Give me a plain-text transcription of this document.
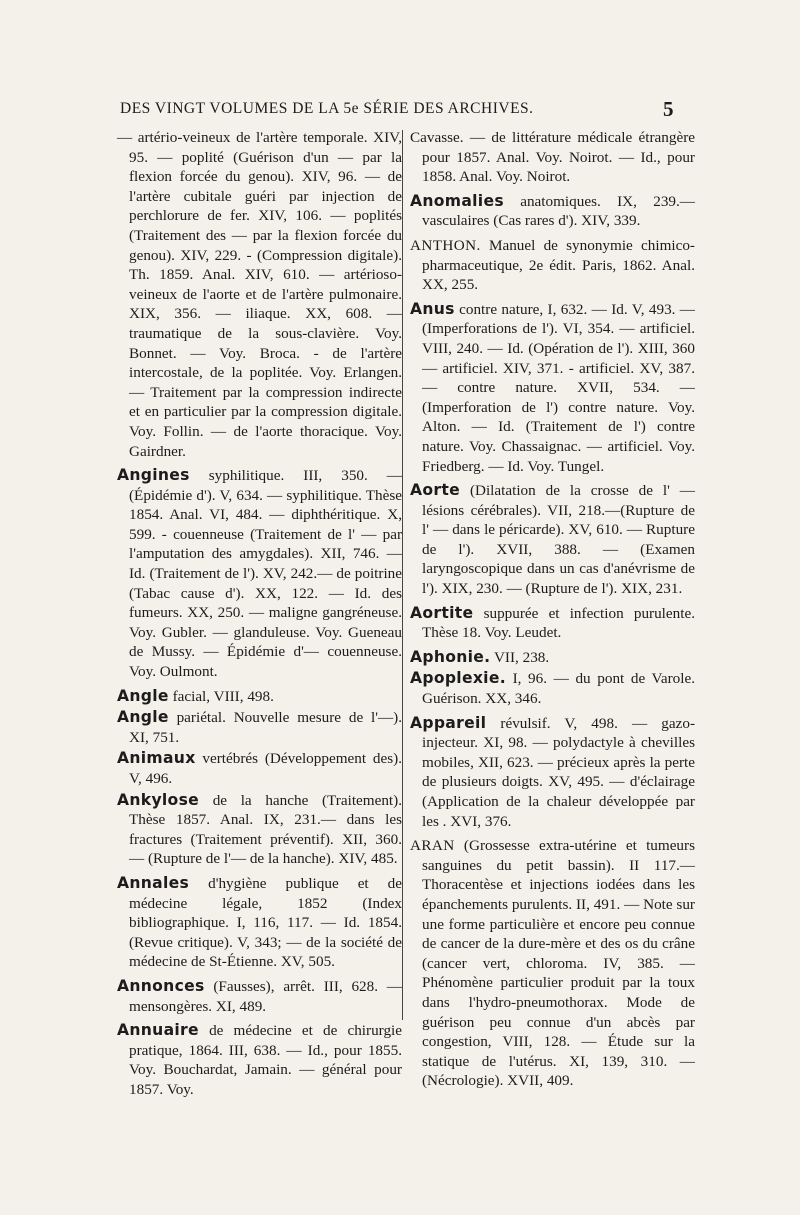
DES VINGT VOLUMES DE LA 5e SÉRIE DES ARCHIVES.	5

— artério-veineux de l'artère temporale. XIV, 95. — poplité (Guérison d'un — par la flexion forcée du genou). XIV, 96. — de l'artère cubitale guéri par injection de perchlorure de fer. XIV, 106. — poplités (Traitement des — par la flexion forcée du genou). XIV, 229. - (Compression digitale). Th. 1859. Anal. XIV, 610. — artérioso-veineux de l'aorte et de l'artère pulmonaire. XIX, 356. — iliaque. XX, 608. — traumatique de la sous-clavière. Voy. Bonnet. — Voy. Broca. - de l'artère intercostale, de la poplitée. Voy. Erlangen. — Traitement par la compression indirecte et en particulier par la compression digitale. Voy. Follin. — de l'aorte thoracique. Voy. Gairdner.

Angines syphilitique. III, 350. — (Épidémie d'). V, 634. — syphilitique. Thèse 1854. Anal. VI, 484. — diphthéritique. X, 599. - couenneuse (Traitement de l' — par l'amputation des amygdales). XII, 746. — Id. (Traitement de l'). XV, 242.— de poitrine (Tabac cause d'). XX, 122. — Id. des fumeurs. XX, 250. — maligne gangréneuse. Voy. Gubler. — glanduleuse. Voy. Gueneau de Mussy. — Épidémie d'— couenneuse. Voy. Oulmont.

Angle facial, VIII, 498.

Angle pariétal. Nouvelle mesure de l'—). XI, 751.

Animaux vertébrés (Développement des). V, 496.

Ankylose de la hanche (Traitement). Thèse 1857. Anal. IX, 231.— dans les fractures (Traitement préventif). XII, 360. — (Rupture de l'— de la hanche). XIV, 485.

Annales d'hygiène publique et de médecine légale, 1852 (Index bibliographique. I, 116, 117. — Id. 1854. (Revue critique). V, 343; — de la société de médecine de St-Étienne. XV, 505.

Annonces (Fausses), arrêt. III, 628. — mensongères. XI, 489.

Annuaire de médecine et de chirurgie pratique, 1864. III, 638. — Id., pour 1855. Voy. Bouchardat, Jamain. — général pour 1857. Voy.

Cavasse. — de littérature médicale étrangère pour 1857. Anal. Voy. Noirot. — Id., pour 1858. Anal. Voy. Noirot.

Anomalies anatomiques. IX, 239.— vasculaires (Cas rares d'). XIV, 339.

ANTHON. Manuel de synonymie chimico-pharmaceutique, 2e édit. Paris, 1862. Anal. XX, 255.

Anus contre nature, I, 632. — Id. V, 493. — (Imperforations de l'). VI, 354. — artificiel. VIII, 240. — Id. (Opération de l'). XIII, 360 — artificiel. XIV, 371. - artificiel. XV, 387. — contre nature. XVII, 534. — (Imperforation de l') contre nature. Voy. Alton. — Id. (Traitement de l') contre nature. Voy. Chassaignac. — artificiel. Voy. Friedberg. — Id. Voy. Tungel.

Aorte (Dilatation de la crosse de l' — lésions cérébrales). VII, 218.—(Rupture de l' — dans le péricarde). XV, 610. — Rupture de l'). XVII, 388. — (Examen laryngoscopique dans un cas d'anévrisme de l'). XIX, 230. — (Rupture de l'). XIX, 231.

Aortite suppurée et infection purulente. Thèse 18. Voy. Leudet.

Aphonie. VII, 238.

Apoplexie. I, 96. — du pont de Varole. Guérison. XX, 346.

Appareil révulsif. V, 498. — gazo-injecteur. XI, 98. — polydactyle à chevilles mobiles, XII, 623. — précieux après la perte de plusieurs doigts. XV, 495. — d'éclairage (Application de la chaleur développée par les . XVI, 376.

ARAN (Grossesse extra-utérine et tumeurs sanguines du petit bassin). II 117.— Thoracentèse et injections iodées dans les épanchements purulents. II, 491. — Note sur une forme particulière et encore peu connue de cancer de la dure-mère et des os du crâne (cancer vert, chloroma. IV, 385. — Phénomène particulier produit par la toux dans l'hydro-pneumothorax. Mode de guérison peu connue d'un abcès par congestion, VIII, 128. — Étude sur la statique de l'utérus. XI, 139, 310. — (Nécrologie). XVII, 409.
